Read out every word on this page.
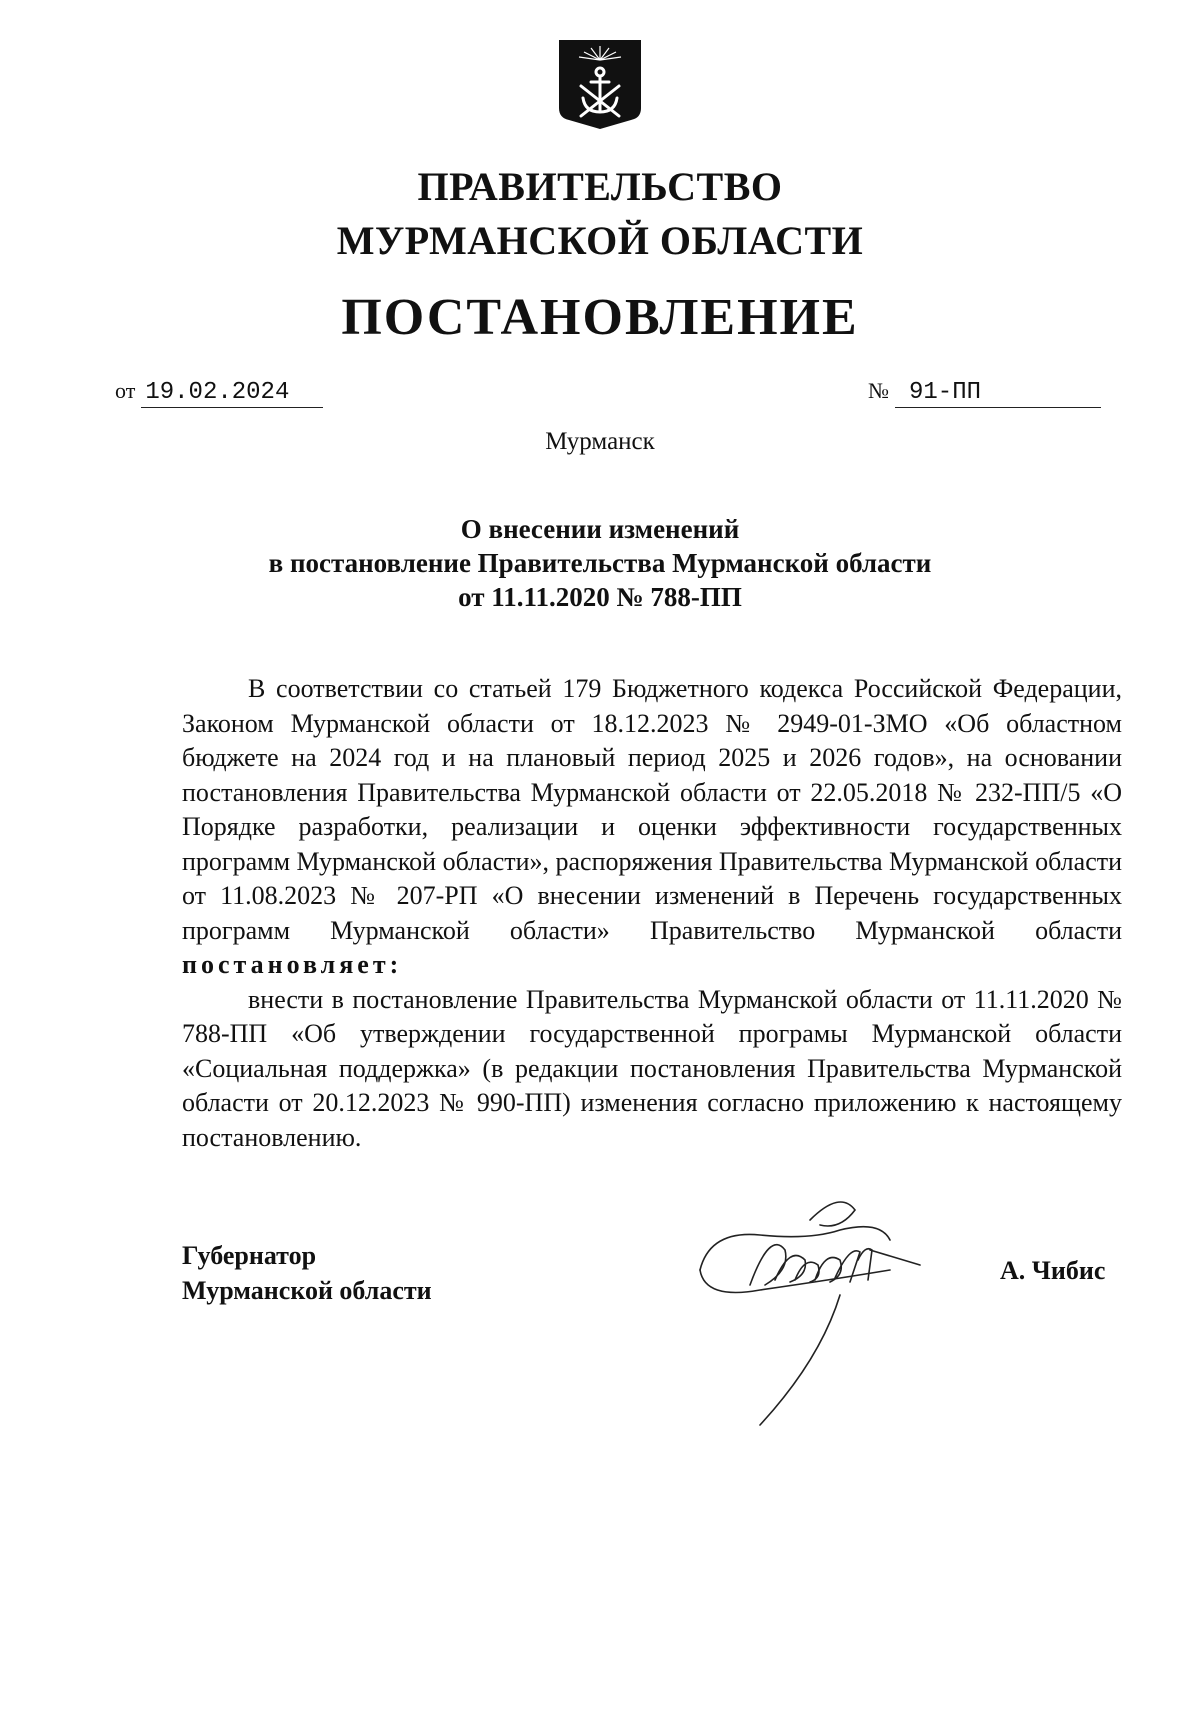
ПРАВИТЕЛЬСТВО
МУРМАНСКОЙ ОБЛАСТИ
ПОСТАНОВЛЕНИЕ
от 19.02.2024	№ 91-ПП
Мурманск
О внесении изменений
в постановление Правительства Мурманской области
от 11.11.2020 № 788-ПП

В соответствии со статьей 179 Бюджетного кодекса Российской Федерации, Законом Мурманской области от 18.12.2023 № 2949-01-ЗМО «Об областном бюджете на 2024 год и на плановый период 2025 и 2026 годов», на основании постановления Правительства Мурманской области от 22.05.2018 № 232-ПП/5 «О Порядке разработки, реализации и оценки эффективности государственных программ Мурманской области», распоряжения Правительства Мурманской области от 11.08.2023 № 207-РП «О внесении изменений в Перечень государственных программ Мурманской области» Правительство Мурманской области постановляет:

внести в постановление Правительства Мурманской области от 11.11.2020 № 788-ПП «Об утверждении государственной програмы Мурманской области «Социальная поддержка» (в редакции постановления Правительства Мурманской области от 20.12.2023 № 990-ПП) изменения согласно приложению к настоящему постановлению.

Губернатор
Мурманской области
А. Чибис
